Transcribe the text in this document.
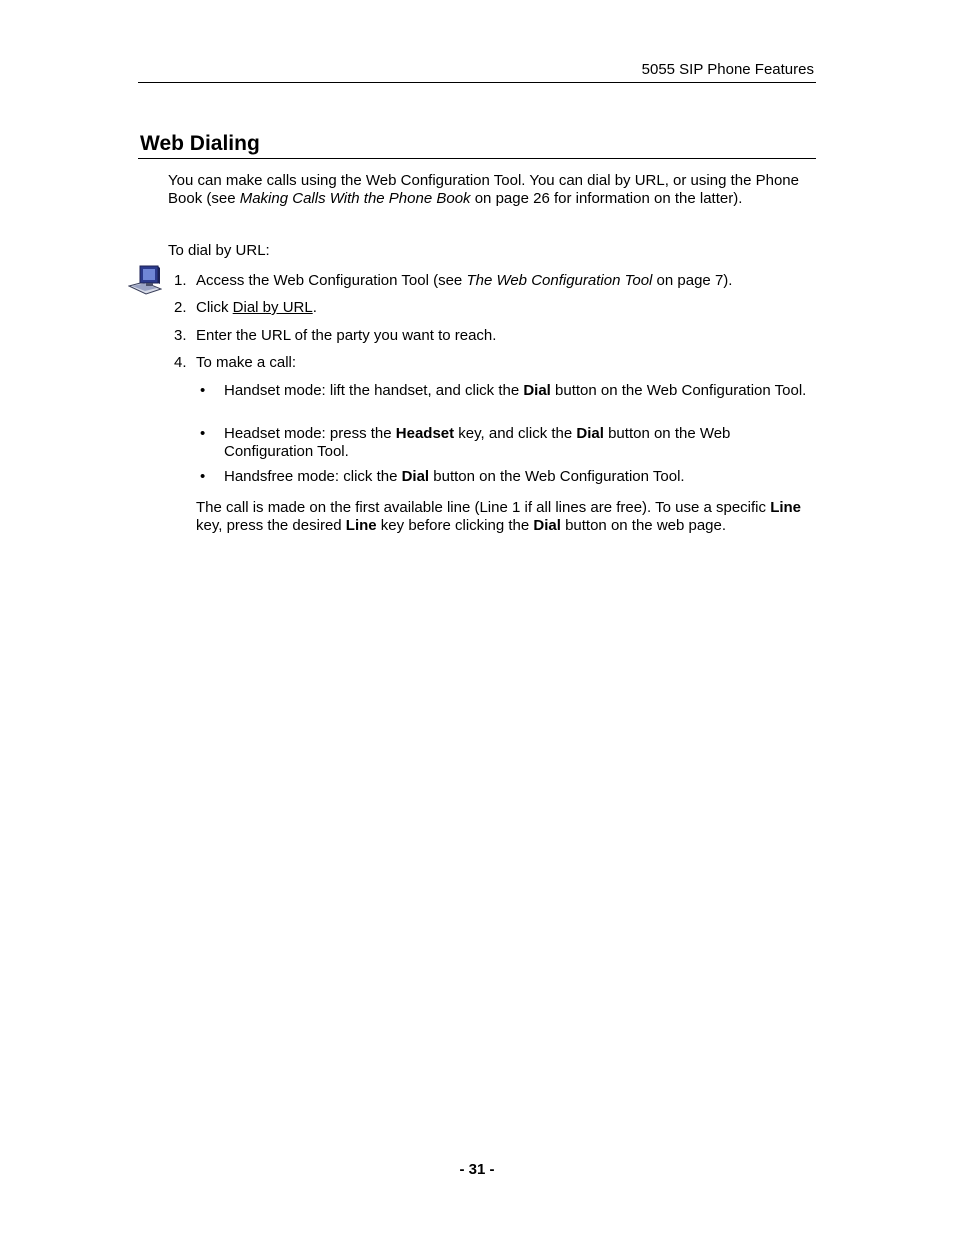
5055 SIP Phone Features
Web Dialing
You can make calls using the Web Configuration Tool. You can dial by URL, or using the Phone Book (see Making Calls With the Phone Book on page 26 for information on the latter).
To dial by URL:
1. Access the Web Configuration Tool (see The Web Configuration Tool on page 7).
2. Click Dial by URL.
3. Enter the URL of the party you want to reach.
4. To make a call:
• Handset mode: lift the handset, and click the Dial button on the Web Configuration Tool.
• Headset mode: press the Headset key, and click the Dial button on the Web Configuration Tool.
• Handsfree mode: click the Dial button on the Web Configuration Tool.
The call is made on the first available line (Line 1 if all lines are free). To use a specific Line key, press the desired Line key before clicking the Dial button on the web page.
- 31 -
